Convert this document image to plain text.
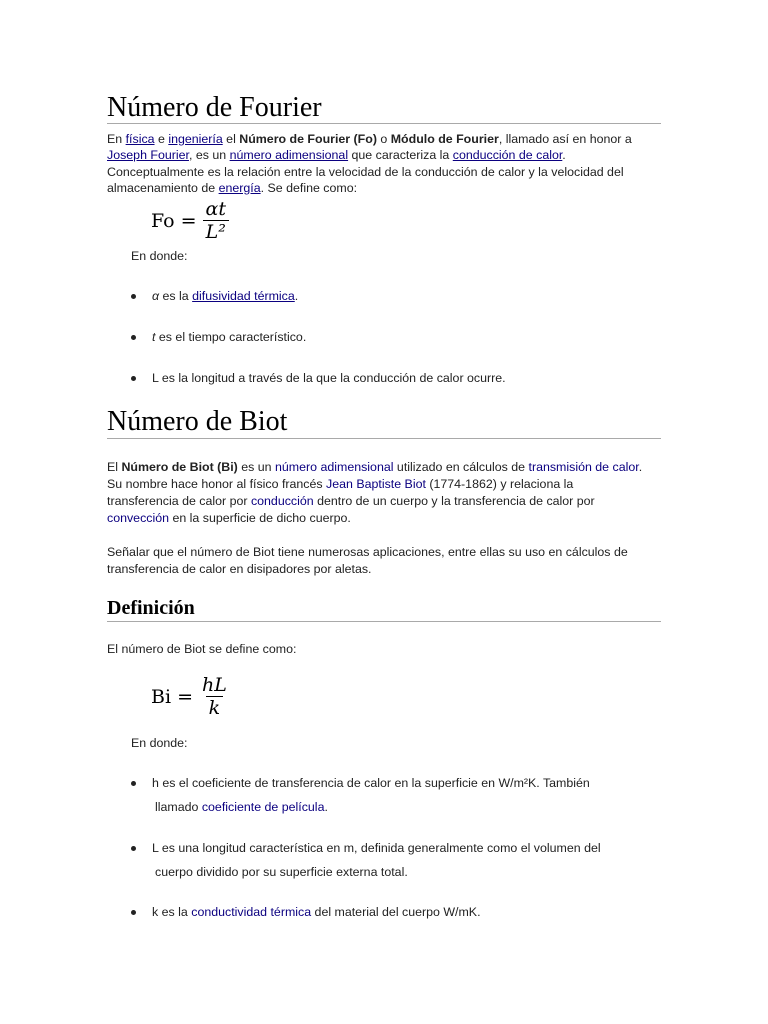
Número de Fourier
En física e ingeniería el Número de Fourier (Fo) o Módulo de Fourier, llamado así en honor a Joseph Fourier, es un número adimensional que caracteriza la conducción de calor. Conceptualmente es la relación entre la velocidad de la conducción de calor y la velocidad del almacenamiento de energía. Se define como:
$Fo = \frac{\alpha t}{\text{L²}}$
En donde:
α es la difusividad térmica.
t es el tiempo característico.
L es la longitud a través de la que la conducción de calor ocurre.
Número de Biot
El Número de Biot (Bi) es un número adimensional utilizado en cálculos de transmisión de calor. Su nombre hace honor al físico francés Jean Baptiste Biot (1774-1862) y relaciona la transferencia de calor por conducción dentro de un cuerpo y la transferencia de calor por convección en la superficie de dicho cuerpo.
Señalar que el número de Biot tiene numerosas aplicaciones, entre ellas su uso en cálculos de transferencia de calor en disipadores por aletas.
Definición
El número de Biot se define como:
$Bi = \frac{hL}{k}$
En donde:
h es el coeficiente de transferencia de calor en la superficie en W/m²K. También
llamado coeficiente de película.
L es una longitud característica en m, definida generalmente como el volumen del
cuerpo dividido por su superficie externa total.
k es la conductividad térmica del material del cuerpo W/mK.
